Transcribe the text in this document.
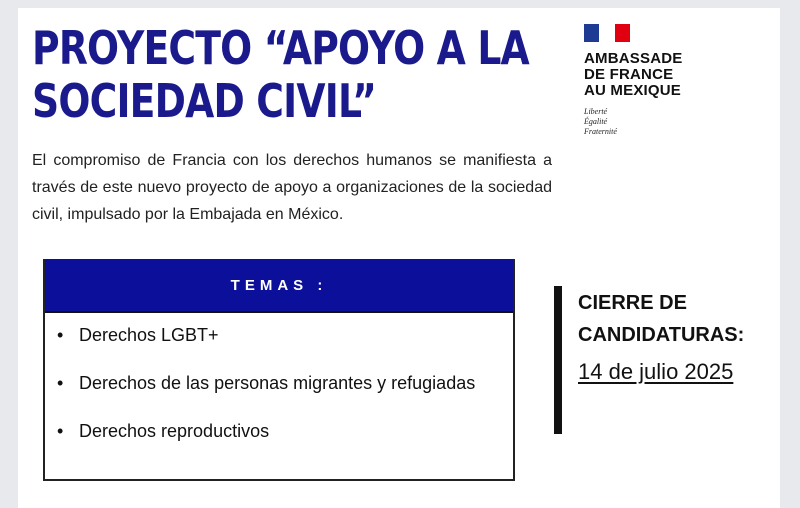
PROYECTO “APOYO A LA
SOCIEDAD CIVIL”

El compromiso de Francia con los derechos humanos se manifiesta a través de este nuevo proyecto de apoyo a organizaciones de la sociedad civil, impulsado por la Embajada en México.

AMBASSADE
DE FRANCE
AU MEXIQUE
Liberté
Égalité
Fraternité
TEMAS :
• Derechos LGBT+
• Derechos de las personas migrantes y refugiadas
• Derechos reproductivos
CIERRE DE
CANDIDATURAS:
14 de julio 2025
